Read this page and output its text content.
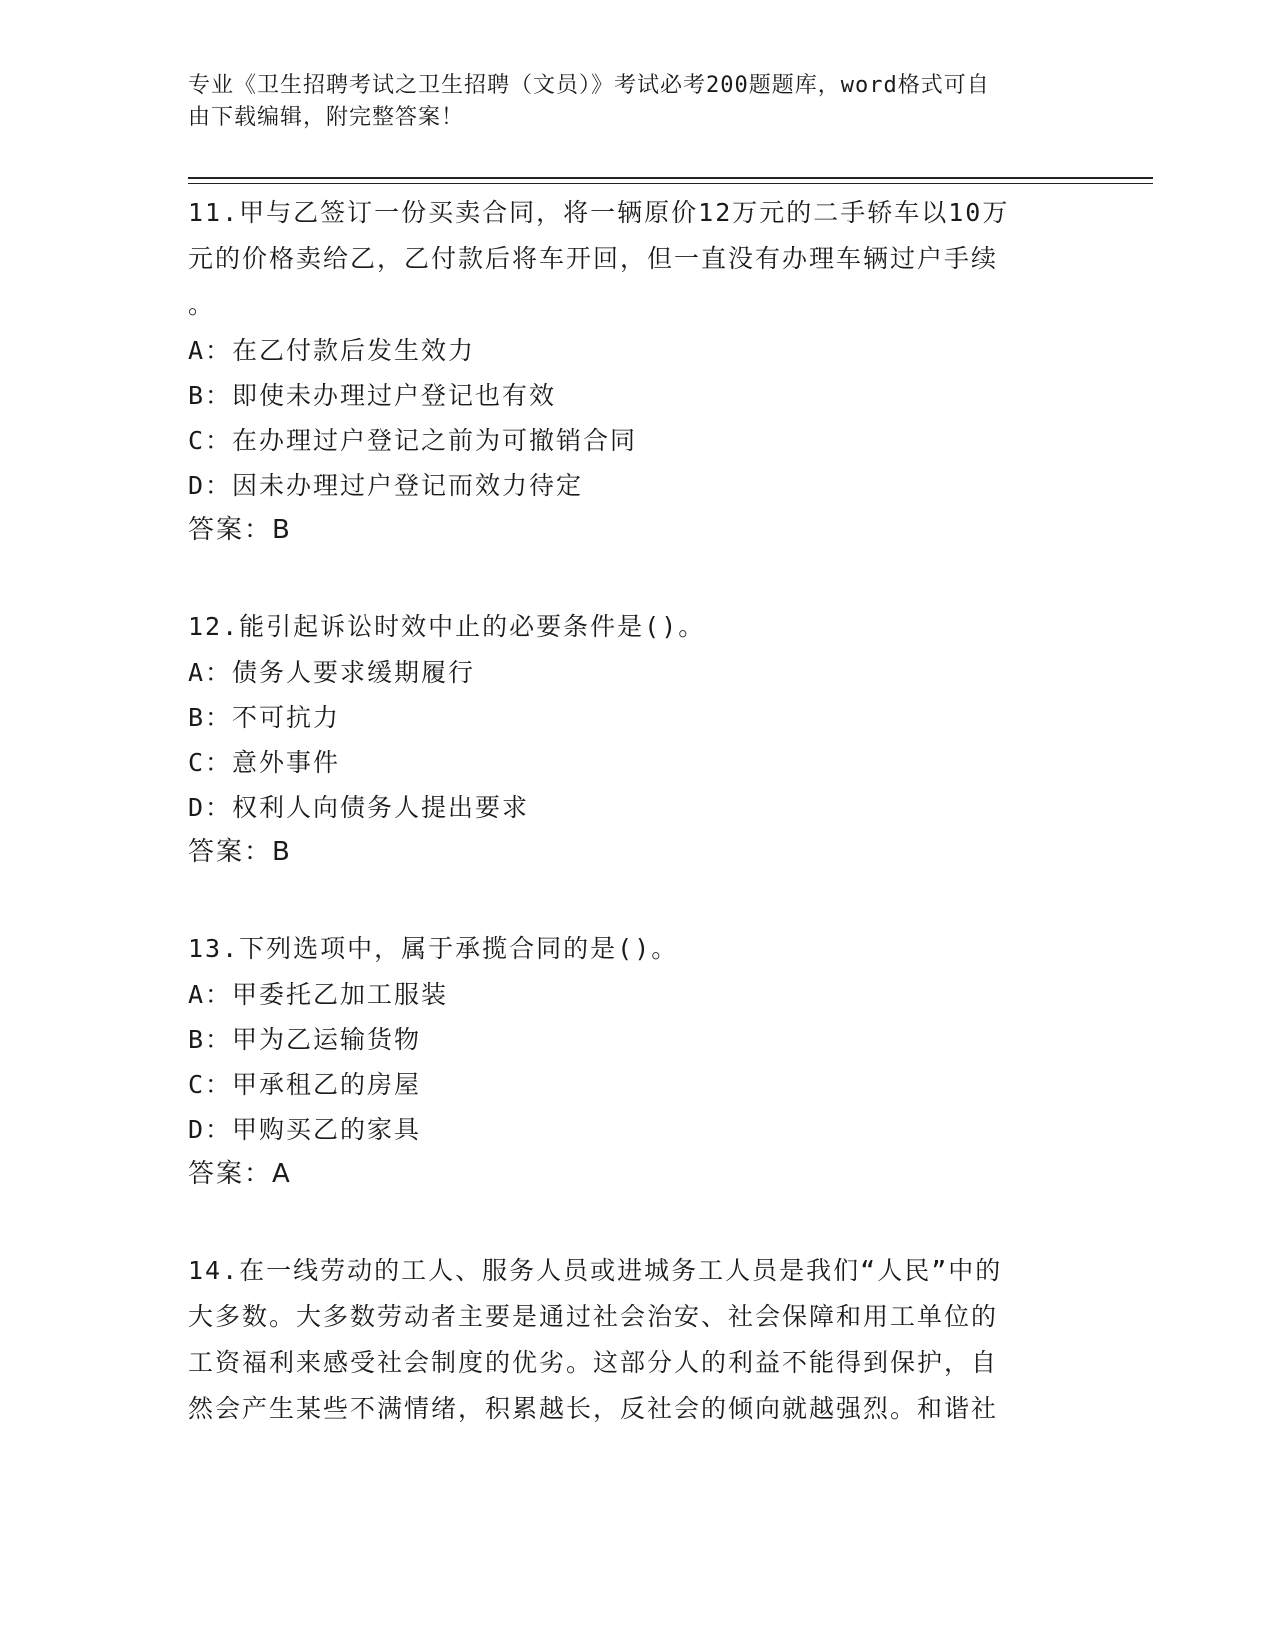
专业《卫生招聘考试之卫生招聘（文员）》考试必考200题题库，word格式可自
由下载编辑，附完整答案！
11.甲与乙签订一份买卖合同，将一辆原价12万元的二手轿车以10万
元的价格卖给乙，乙付款后将车开回，但一直没有办理车辆过户手续
。
A：在乙付款后发生效力
B：即使未办理过户登记也有效
C：在办理过户登记之前为可撤销合同
D：因未办理过户登记而效力待定
答案：B
12.能引起诉讼时效中止的必要条件是()。
A：债务人要求缓期履行
B：不可抗力
C：意外事件
D：权利人向债务人提出要求
答案：B
13.下列选项中，属于承揽合同的是()。
A：甲委托乙加工服装
B：甲为乙运输货物
C：甲承租乙的房屋
D：甲购买乙的家具
答案：A
14.在一线劳动的工人、服务人员或进城务工人员是我们“人民”中的
大多数。大多数劳动者主要是通过社会治安、社会保障和用工单位的
工资福利来感受社会制度的优劣。这部分人的利益不能得到保护，自
然会产生某些不满情绪，积累越长，反社会的倾向就越强烈。和谐社
